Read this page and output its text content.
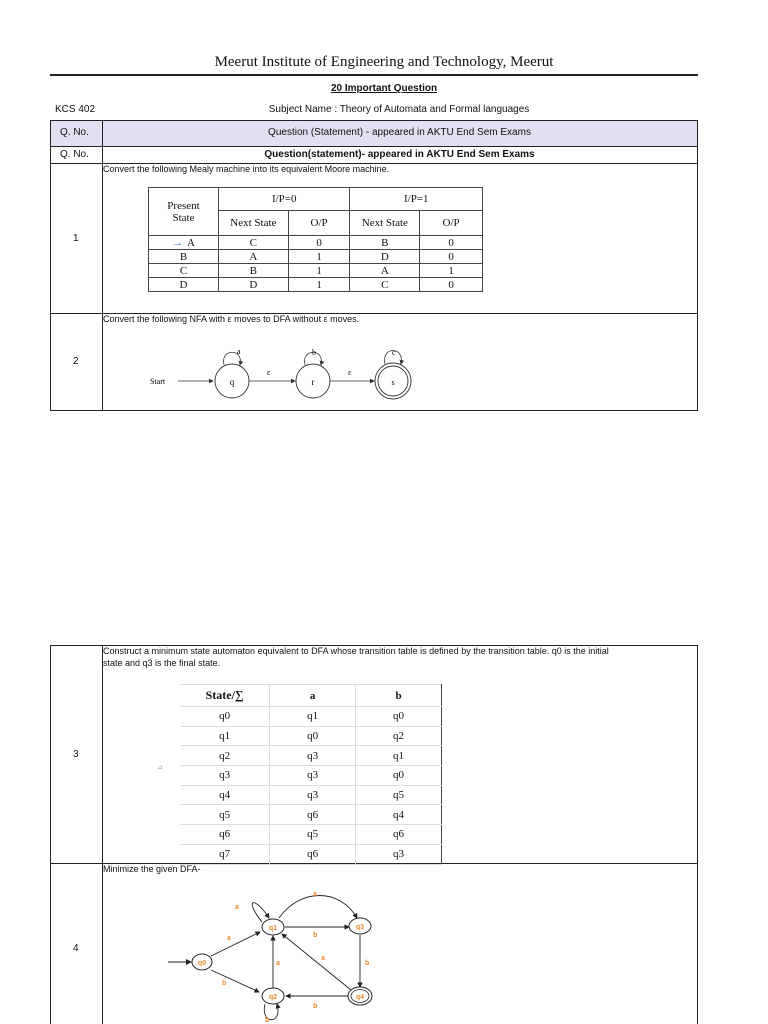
Meerut Institute of Engineering and Technology, Meerut
20 Important Question
KCS 402	Subject Name : Theory of Automata and Formal languages
Q. No.	Question (Statement) - appeared in AKTU End Sem Exams
Q. No.	Question(statement)- appeared in AKTU End Sem Exams
1
Convert the following Mealy machine into its equivalent Moore machine.
Present
State	I/P=0		I/P=1	
	Next State	O/P	Next State	O/P
→ A	C	0	B	0
B	A	1	D	0
C	B	1	A	1
D	D	1	C	0
2
Convert the following NFA with ε moves to DFA without ε moves.
Start	q
a
ε
r
b
ε
s
c
3
Construct a minimum state automaton equivalent to DFA whose transition table is defined by the transition table. q0 is the initial
state and q3 is the final state.
⊿
State/∑	a	b
q0	q1	q0
q1	q0	q2
q2	q3	q1
q3	q3	q0
q4	q3	q5
q5	q6	q4
q6	q5	q6
q7	q6	q3
4
Minimize the given DFA-
a
b
a
b
a
b
a
b
a
b
q0
q1
q2
q3
q4
